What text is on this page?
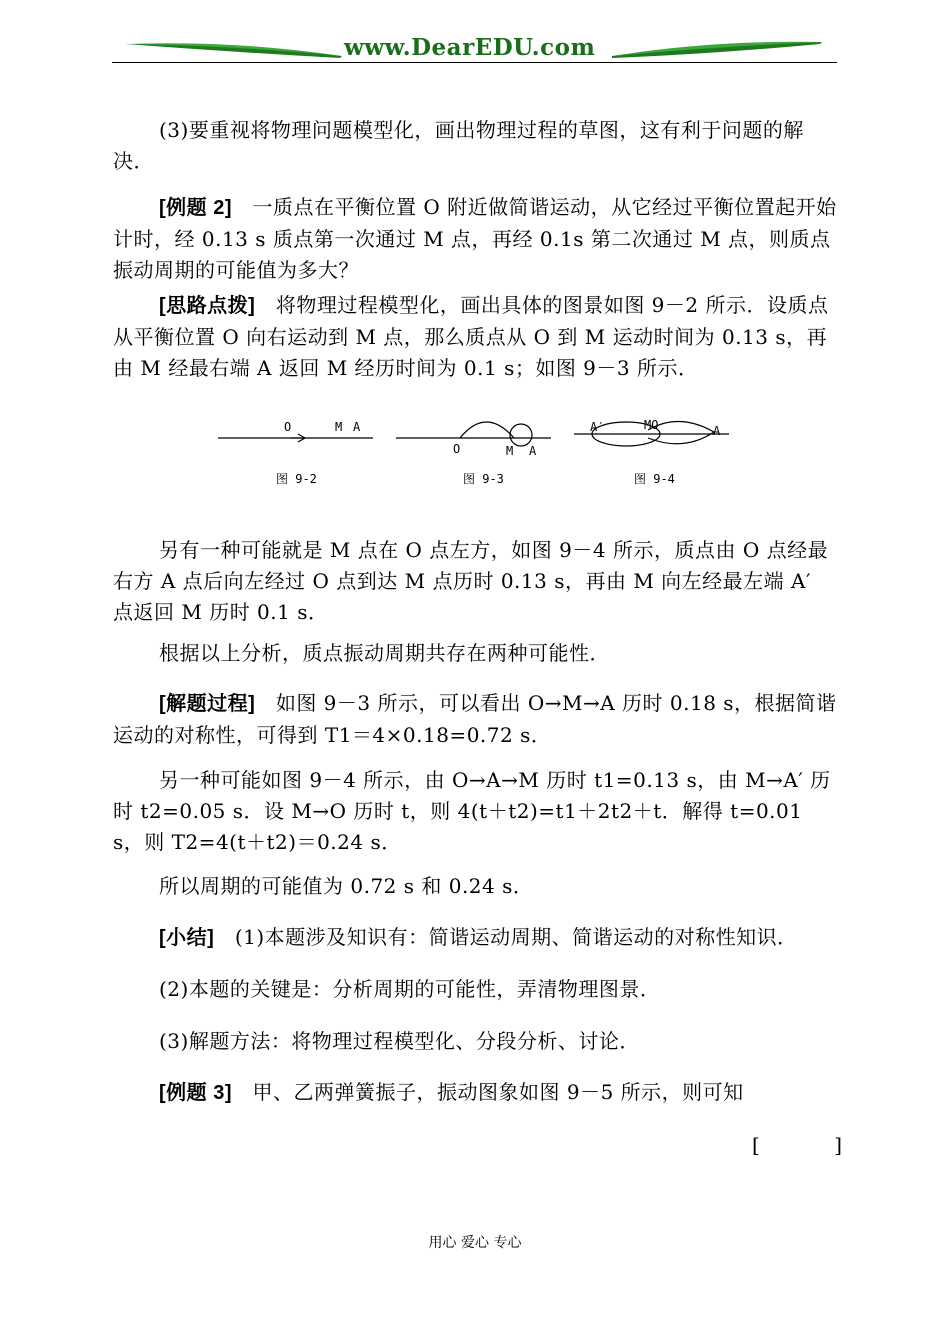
www.DearEDU.com
(3)要重视将物理问题模型化，画出物理过程的草图，这有利于问题的解决．
[例题 2]　一质点在平衡位置 O 附近做简谐运动，从它经过平衡位置起开始计时，经 0.13 s 质点第一次通过 M 点，再经 0.1s 第二次通过 M 点，则质点振动周期的可能值为多大？
[思路点拨]　将物理过程模型化，画出具体的图景如图 9－2 所示．设质点从平衡位置 O 向右运动到 M 点，那么质点从 O 到 M 运动时间为 0.13 s，再由 M 经最右端 A 返回 M 经历时间为 0.1 s；如图 9－3 所示．
O	M A
图 9-2
O	M A
图 9-3
A′	MO	A
图 9-4
另有一种可能就是 M 点在 O 点左方，如图 9－4 所示，质点由 O 点经最右方 A 点后向左经过 O 点到达 M 点历时 0.13 s，再由 M 向左经最左端 A′ 点返回 M 历时 0.1 s．
根据以上分析，质点振动周期共存在两种可能性．
[解题过程]　如图 9－3 所示，可以看出 O→M→A 历时 0.18 s，根据简谐运动的对称性，可得到 T1＝4×0.18=0.72 s．
另一种可能如图 9－4 所示，由 O→A→M 历时 t1=0.13 s，由 M→A′ 历时 t2=0.05 s．设 M→O 历时 t，则 4(t＋t2)=t1＋2t2＋t．解得 t=0.01 s，则 T2=4(t＋t2)＝0.24 s．
所以周期的可能值为 0.72 s 和 0.24 s．
[小结]　(1)本题涉及知识有：简谐运动周期、简谐运动的对称性知识．
(2)本题的关键是：分析周期的可能性，弄清物理图景．
(3)解题方法：将物理过程模型化、分段分析、讨论．
[例题 3]　甲、乙两弹簧振子，振动图象如图 9－5 所示，则可知
[	]
用心 爱心 专心
